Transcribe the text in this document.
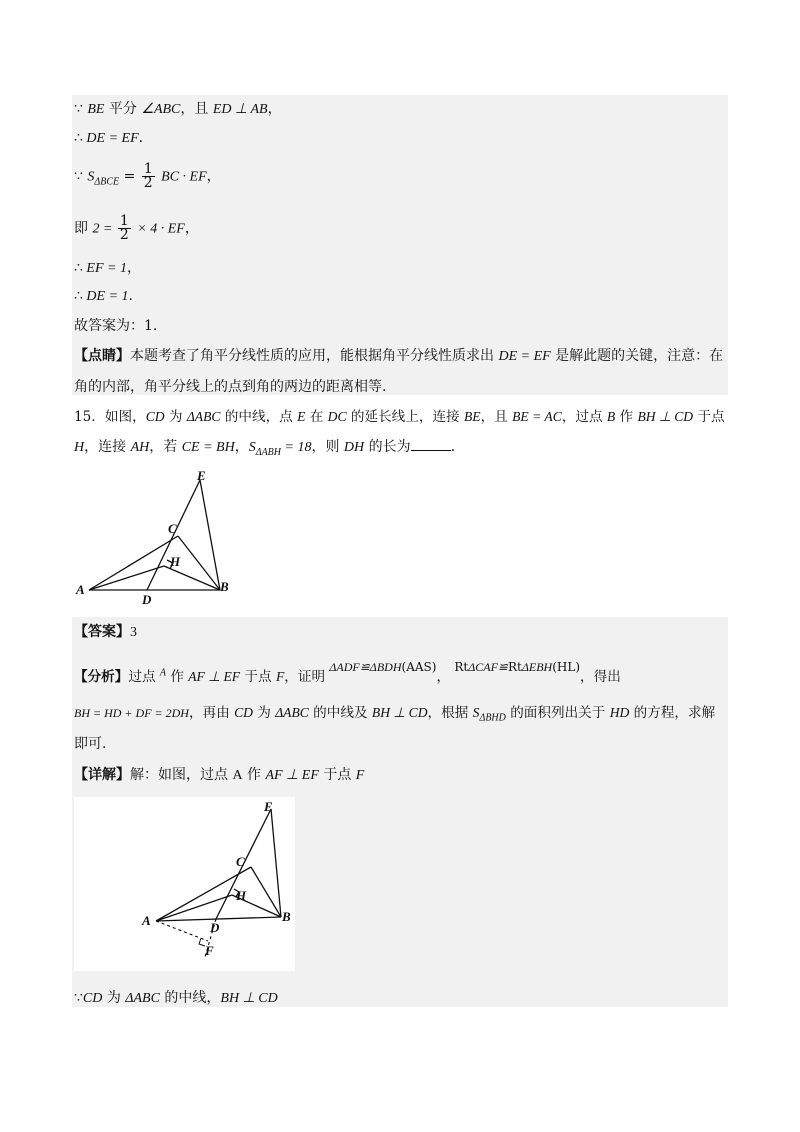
∵ BE 平分 ∠ABC，且 ED ⊥ AB，
∴ DE = EF.
∵ $S_{\Delta BCE} = \frac{1}{2}$ BC · EF，
即 $2 = \frac{1}{2} \times 4$ · EF，
∴ EF = 1，
∴ DE = 1.
故答案为：1.
【点睛】本题考查了角平分线性质的应用，能根据角平分线性质求出 DE = EF 是解此题的关键，注意：在
角的内部，角平分线上的点到角的两边的距离相等.
15．如图，CD 为 ΔABC 的中线，点 E 在 DC 的延长线上，连接 BE，且 BE = AC，过点 B 作 BH ⊥ CD 于点
H，连接 AH，若 CE = BH，$S_{\Delta ABH} = 18$，则 DH 的长为	.
A	B
C
D
E
H
【答案】3
【分析】过点 $^A$ 作 AF ⊥ EF 于点 F，证明 ΔADF≌ΔBDH(AAS)， RtΔCAF≌RtΔEBH(HL)，得出
BH = HD + DF = 2DH，再由 CD 为 ΔABC 的中线及 BH ⊥ CD，根据 $S_{\Delta BHD}$ 的面积列出关于 HD 的方程，求解
即可.
【详解】解：如图，过点 A 作 AF ⊥ EF 于点 F
A	B
C
D
E
H
F
∵CD 为 ΔABC 的中线，BH ⊥ CD
